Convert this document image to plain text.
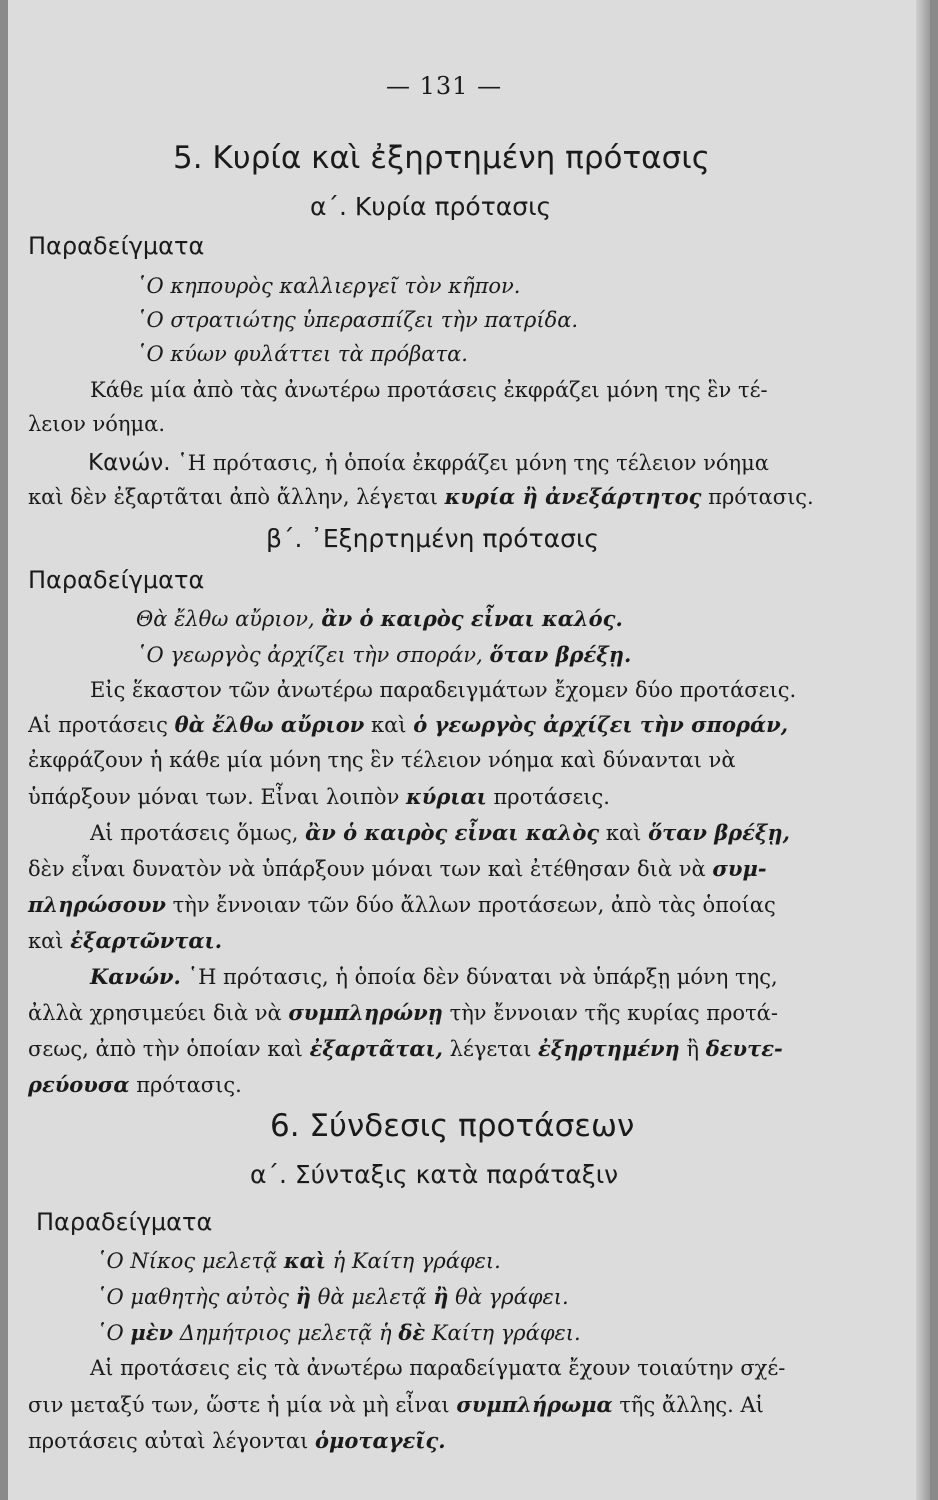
— 131 —
5. Κυρία καὶ ἐξηρτημένη πρότασις
α΄. Κυρία πρότασις
Παραδείγματα
῾Ο κηπουρὸς καλλιεργεῖ τὸν κῆπον.
῾Ο στρατιώτης ὑπερασπίζει τὴν πατρίδα.
῾Ο κύων φυλάττει τὰ πρόβατα.
Κάθε μία ἀπὸ τὰς ἀνωτέρω προτάσεις ἐκφράζει μόνη της ἓν τέ-
λειον νόημα.
Κανών. ῾Η πρότασις, ἡ ὁποία ἐκφράζει μόνη της τέλειον νόημα
καὶ δὲν ἐξαρτᾶται ἀπὸ ἄλλην, λέγεται κυρία ἢ ἀνεξάρτητος πρότασις.
β΄. ᾿Εξηρτημένη πρότασις
Παραδείγματα
Θὰ ἔλθω αὔριον, ἂν ὁ καιρὸς εἶναι καλός.
῾Ο γεωργὸς ἀρχίζει τὴν σποράν, ὅταν βρέξῃ.
Εἰς ἕκαστον τῶν ἀνωτέρω παραδειγμάτων ἔχομεν δύο προτάσεις.
Αἱ προτάσεις θὰ ἔλθω αὔριον καὶ ὁ γεωργὸς ἀρχίζει τὴν σποράν,
ἐκφράζουν ἡ κάθε μία μόνη της ἓν τέλειον νόημα καὶ δύνανται νὰ
ὑπάρξουν μόναι των. Εἶναι λοιπὸν κύριαι προτάσεις.
Αἱ προτάσεις ὅμως, ἂν ὁ καιρὸς εἶναι καλὸς καὶ ὅταν βρέξῃ,
δὲν εἶναι δυνατὸν νὰ ὑπάρξουν μόναι των καὶ ἐτέθησαν διὰ νὰ συμ-
πληρώσουν τὴν ἔννοιαν τῶν δύο ἄλλων προτάσεων, ἀπὸ τὰς ὁποίας
καὶ ἐξαρτῶνται.
Κανών. ῾Η πρότασις, ἡ ὁποία δὲν δύναται νὰ ὑπάρξῃ μόνη της,
ἀλλὰ χρησιμεύει διὰ νὰ συμπληρώνῃ τὴν ἔννοιαν τῆς κυρίας προτά-
σεως, ἀπὸ τὴν ὁποίαν καὶ ἐξαρτᾶται, λέγεται ἐξηρτημένη ἢ δευτε-
ρεύουσα πρότασις.
6. Σύνδεσις προτάσεων
α΄. Σύνταξις κατὰ παράταξιν
Παραδείγματα
῾Ο Νίκος μελετᾷ καὶ ἡ Καίτη γράφει.
῾Ο μαθητὴς αὐτὸς ἢ θὰ μελετᾷ ἢ θὰ γράφει.
῾Ο μὲν Δημήτριος μελετᾷ ἡ δὲ Καίτη γράφει.
Αἱ προτάσεις εἰς τὰ ἀνωτέρω παραδείγματα ἔχουν τοιαύτην σχέ-
σιν μεταξύ των, ὥστε ἡ μία νὰ μὴ εἶναι συμπλήρωμα τῆς ἄλλης. Αἱ
προτάσεις αὐταὶ λέγονται ὁμοταγεῖς.
